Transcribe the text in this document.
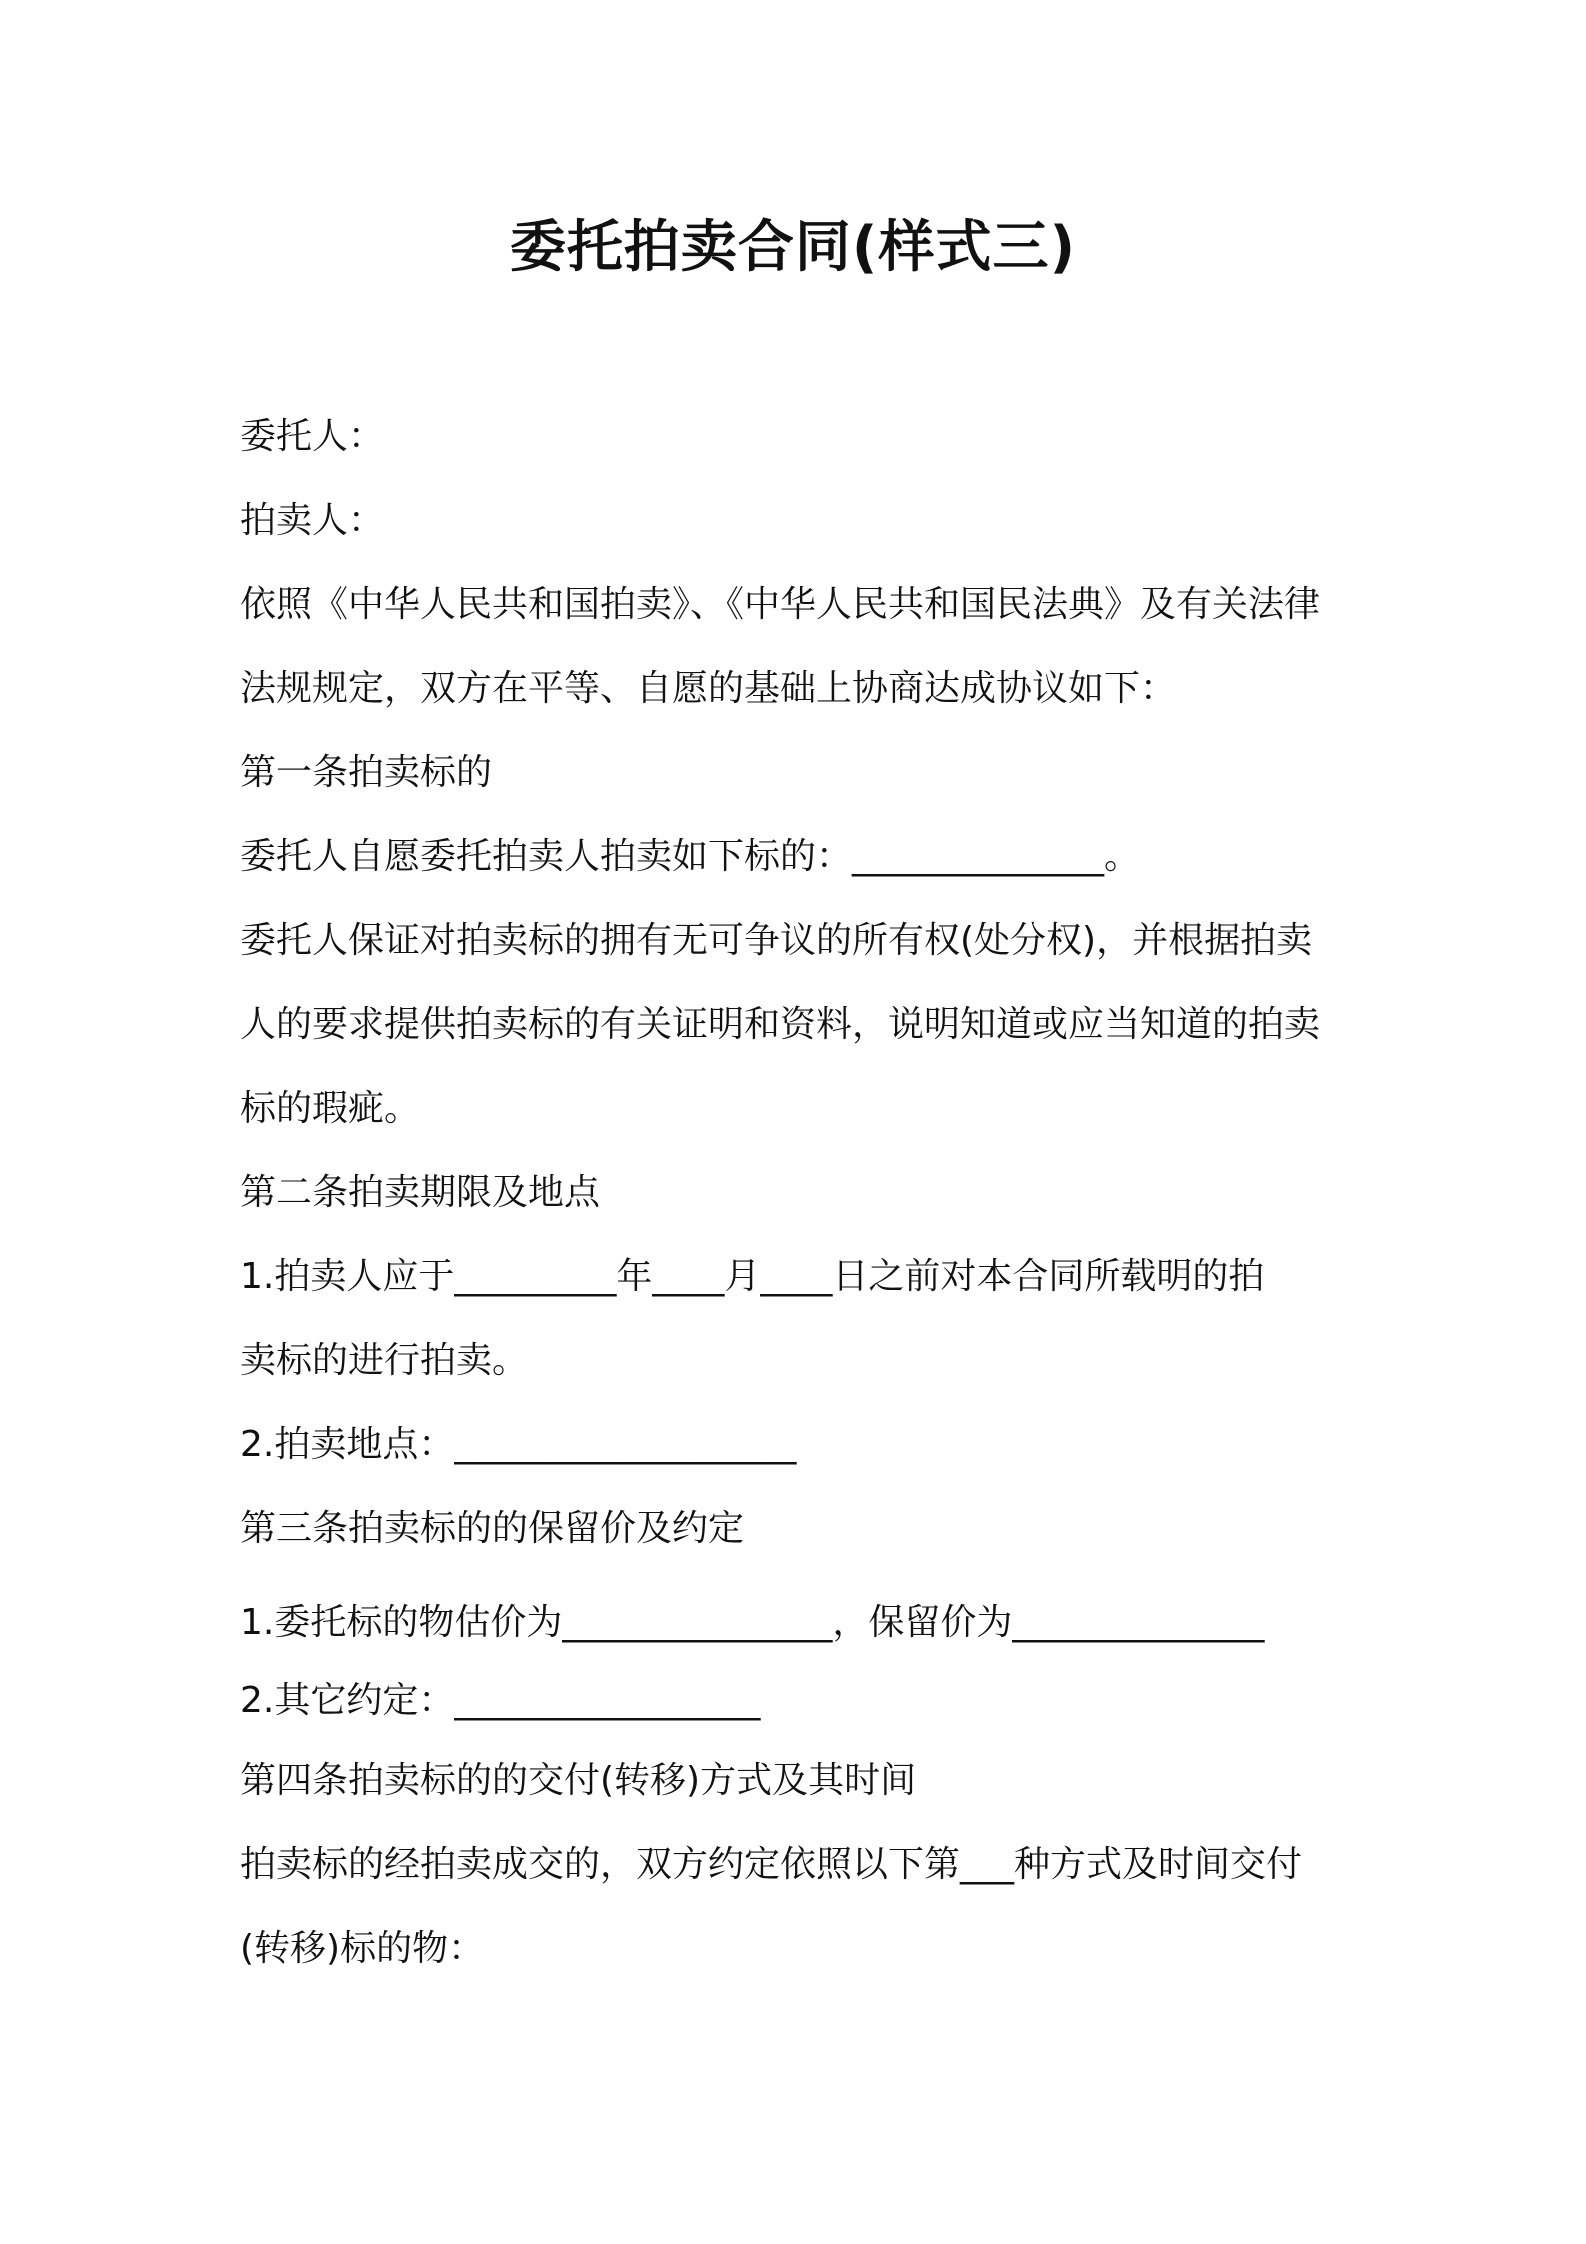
委托拍卖合同(样式三)
委托人：
拍卖人：
依照《中华人民共和国拍卖》、《中华人民共和国民法典》及有关法律
法规规定，双方在平等、自愿的基础上协商达成协议如下：
第一条拍卖标的
委托人自愿委托拍卖人拍卖如下标的：______________。
委托人保证对拍卖标的拥有无可争议的所有权(处分权)，并根据拍卖
人的要求提供拍卖标的有关证明和资料，说明知道或应当知道的拍卖
标的瑕疵。
第二条拍卖期限及地点
1.拍卖人应于_________年____月____日之前对本合同所载明的拍
卖标的进行拍卖。
2.拍卖地点：___________________
第三条拍卖标的的保留价及约定
1.委托标的物估价为_______________，保留价为______________
2.其它约定：_________________
第四条拍卖标的的交付(转移)方式及其时间
拍卖标的经拍卖成交的，双方约定依照以下第___种方式及时间交付
(转移)标的物：
